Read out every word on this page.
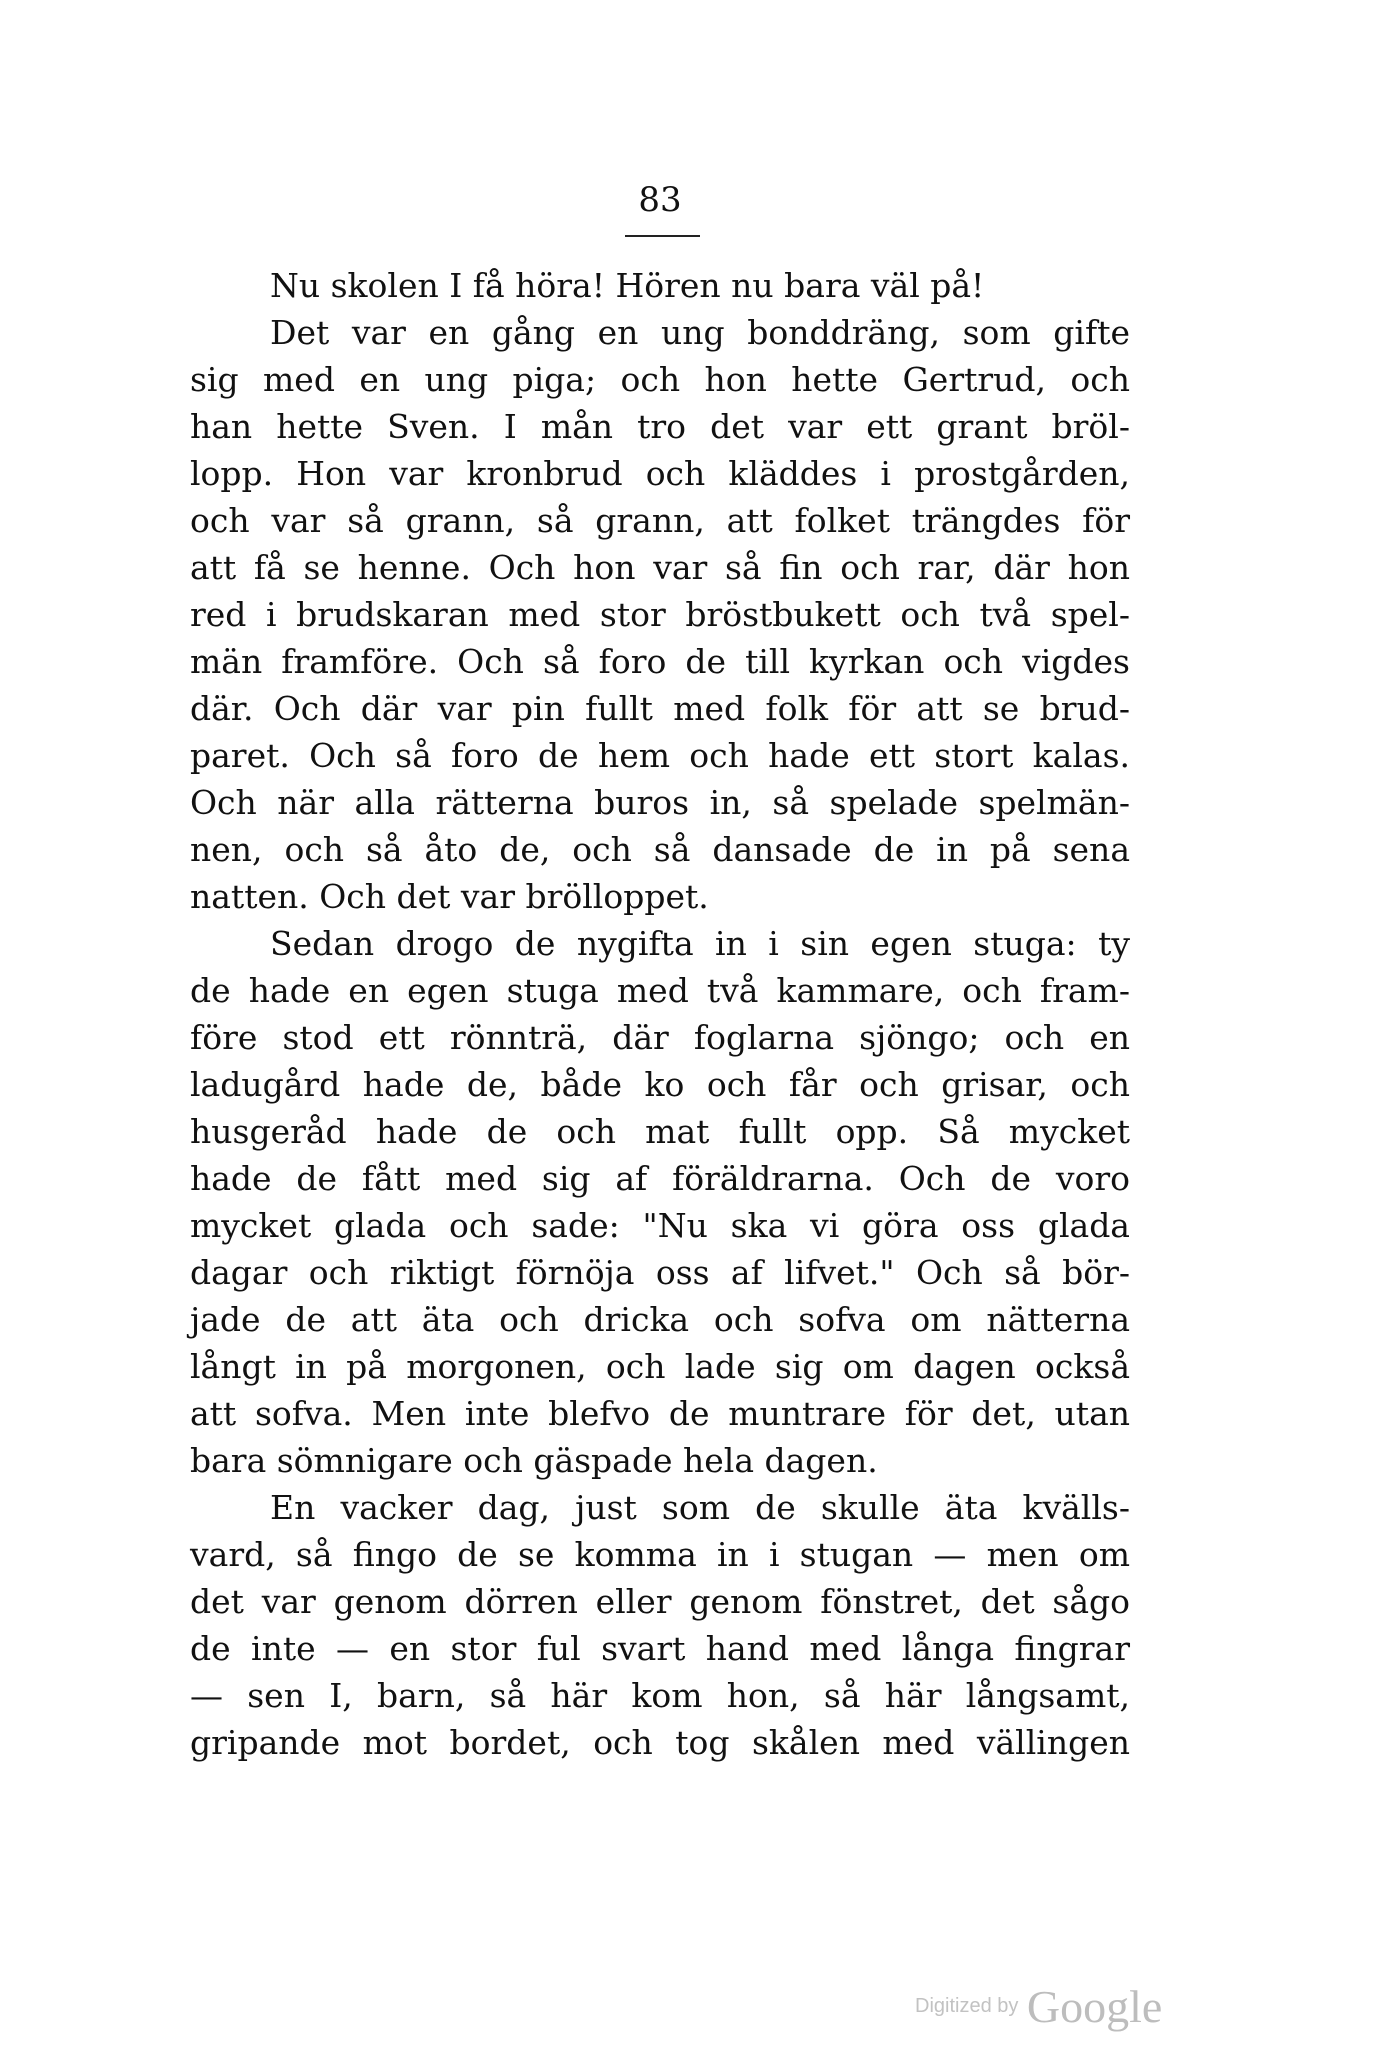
83
Nu skolen I få höra! Hören nu bara väl på!
Det var en gång en ung bonddräng, som gifte
sig med en ung piga; och hon hette Gertrud, och
han hette Sven. I mån tro det var ett grant bröl-
lopp. Hon var kronbrud och kläddes i prostgården,
och var så grann, så grann, att folket trängdes för
att få se henne. Och hon var så fin och rar, där hon
red i brudskaran med stor bröstbukett och två spel-
män framföre. Och så foro de till kyrkan och vigdes
där. Och där var pin fullt med folk för att se brud-
paret. Och så foro de hem och hade ett stort kalas.
Och när alla rätterna buros in, så spelade spelmän-
nen, och så åto de, och så dansade de in på sena
natten. Och det var brölloppet.
Sedan drogo de nygifta in i sin egen stuga: ty
de hade en egen stuga med två kammare, och fram-
före stod ett rönnträ, där foglarna sjöngo; och en
ladugård hade de, både ko och får och grisar, och
husgeråd hade de och mat fullt opp. Så mycket
hade de fått med sig af föräldrarna. Och de voro
mycket glada och sade: "Nu ska vi göra oss glada
dagar och riktigt förnöja oss af lifvet." Och så bör-
jade de att äta och dricka och sofva om nätterna
långt in på morgonen, och lade sig om dagen också
att sofva. Men inte blefvo de muntrare för det, utan
bara sömnigare och gäspade hela dagen.
En vacker dag, just som de skulle äta kvälls-
vard, så fingo de se komma in i stugan — men om
det var genom dörren eller genom fönstret, det sågo
de inte — en stor ful svart hand med långa fingrar
— sen I, barn, så här kom hon, så här långsamt,
gripande mot bordet, och tog skålen med vällingen
Digitized by Google
